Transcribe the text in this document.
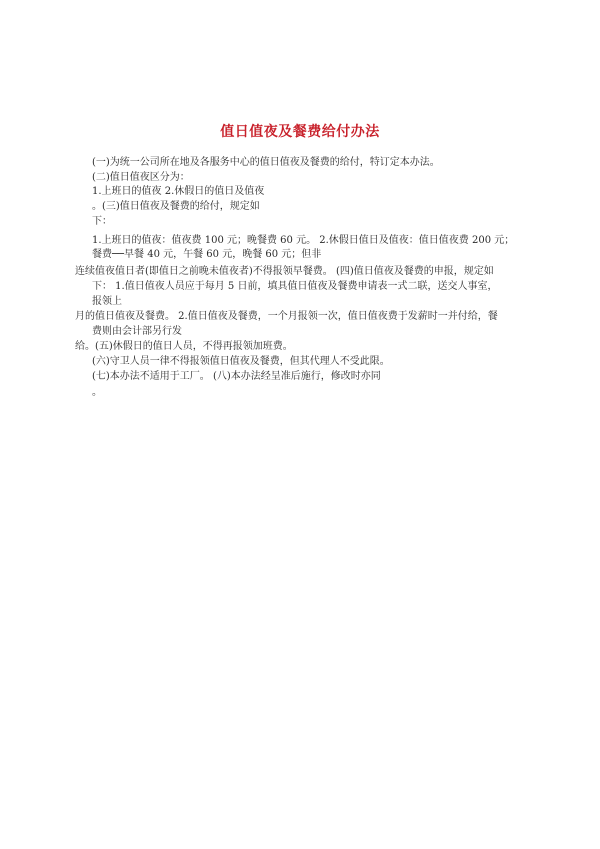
值日值夜及餐费给付办法
(一)为统一公司所在地及各服务中心的值日值夜及餐费的给付，特订定本办法。
(二)值日值夜区分为：
1.上班日的值夜 2.休假日的值日及值夜
。(三)值日值夜及餐费的给付，规定如
下：
1.上班日的值夜：值夜费 100 元；晚餐费 60 元。 2.休假日值日及值夜：值日值夜费 200 元；
餐费──早餐 40 元，午餐 60 元，晚餐 60 元；但非
连续值夜值日者(即值日之前晚未值夜者)不得报领早餐费。 (四)值日值夜及餐费的申报，规定如
下： 1.值日值夜人员应于每月 5 日前，填具值日值夜及餐费申请表一式二联，送交人事室，
报领上
月的值日值夜及餐费。 2.值日值夜及餐费，一个月报领一次，值日值夜费于发薪时一并付给，餐
费则由会计部另行发
给。(五)休假日的值日人员，不得再报领加班费。
(六)守卫人员一律不得报领值日值夜及餐费，但其代理人不受此限。
(七)本办法不适用于工厂。 (八)本办法经呈准后施行，修改时亦同
。
